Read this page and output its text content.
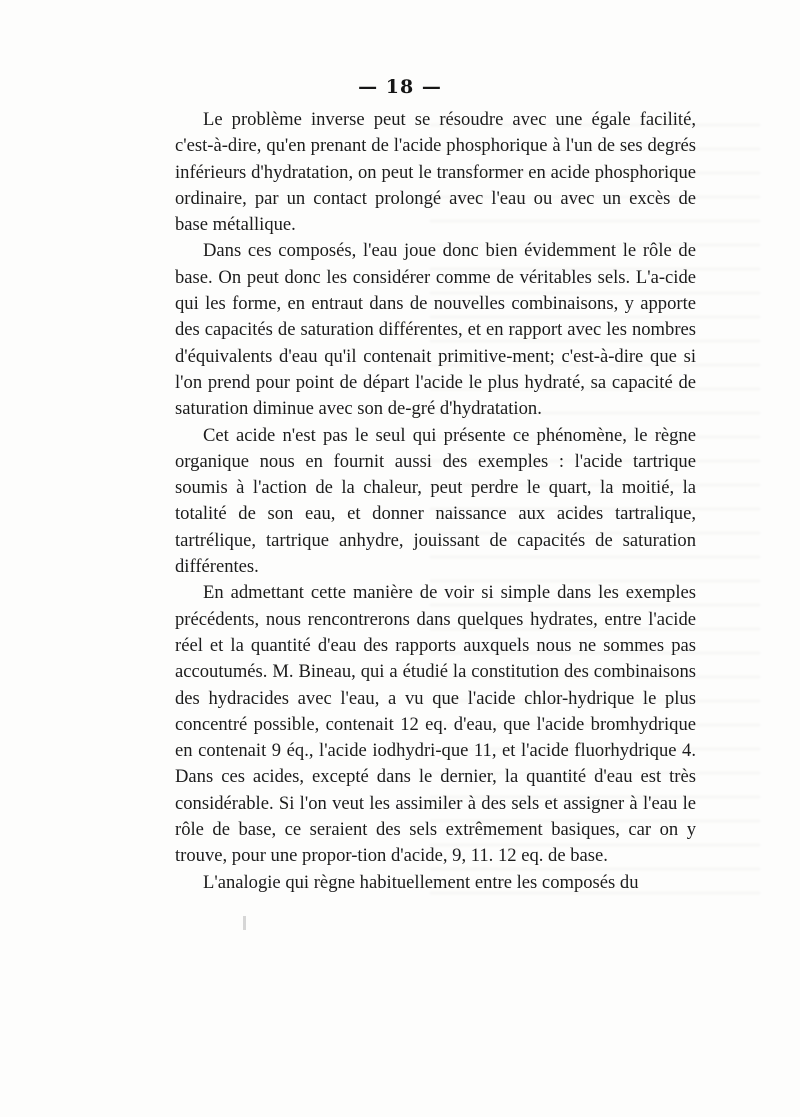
— 18 —

Le problème inverse peut se résoudre avec une égale facilité, c'est-à-dire, qu'en prenant de l'acide phosphorique à l'un de ses degrés inférieurs d'hydratation, on peut le transformer en acide phosphorique ordinaire, par un contact prolongé avec l'eau ou avec un excès de base métallique.

Dans ces composés, l'eau joue donc bien évidemment le rôle de base. On peut donc les considérer comme de véritables sels. L'a-cide qui les forme, en entraut dans de nouvelles combinaisons, y apporte des capacités de saturation différentes, et en rapport avec les nombres d'équivalents d'eau qu'il contenait primitive-ment; c'est-à-dire que si l'on prend pour point de départ l'acide le plus hydraté, sa capacité de saturation diminue avec son de-gré d'hydratation.

Cet acide n'est pas le seul qui présente ce phénomène, le règne organique nous en fournit aussi des exemples : l'acide tartrique soumis à l'action de la chaleur, peut perdre le quart, la moitié, la totalité de son eau, et donner naissance aux acides tartralique, tartrélique, tartrique anhydre, jouissant de capacités de saturation différentes.

En admettant cette manière de voir si simple dans les exemples précédents, nous rencontrerons dans quelques hydrates, entre l'acide réel et la quantité d'eau des rapports auxquels nous ne sommes pas accoutumés. M. Bineau, qui a étudié la constitution des combinaisons des hydracides avec l'eau, a vu que l'acide chlor-hydrique le plus concentré possible, contenait 12 eq. d'eau, que l'acide bromhydrique en contenait 9 éq., l'acide iodhydri-que 11, et l'acide fluorhydrique 4. Dans ces acides, excepté dans le dernier, la quantité d'eau est très considérable. Si l'on veut les assimiler à des sels et assigner à l'eau le rôle de base, ce seraient des sels extrêmement basiques, car on y trouve, pour une propor-tion d'acide, 9, 11. 12 eq. de base.

L'analogie qui règne habituellement entre les composés du
